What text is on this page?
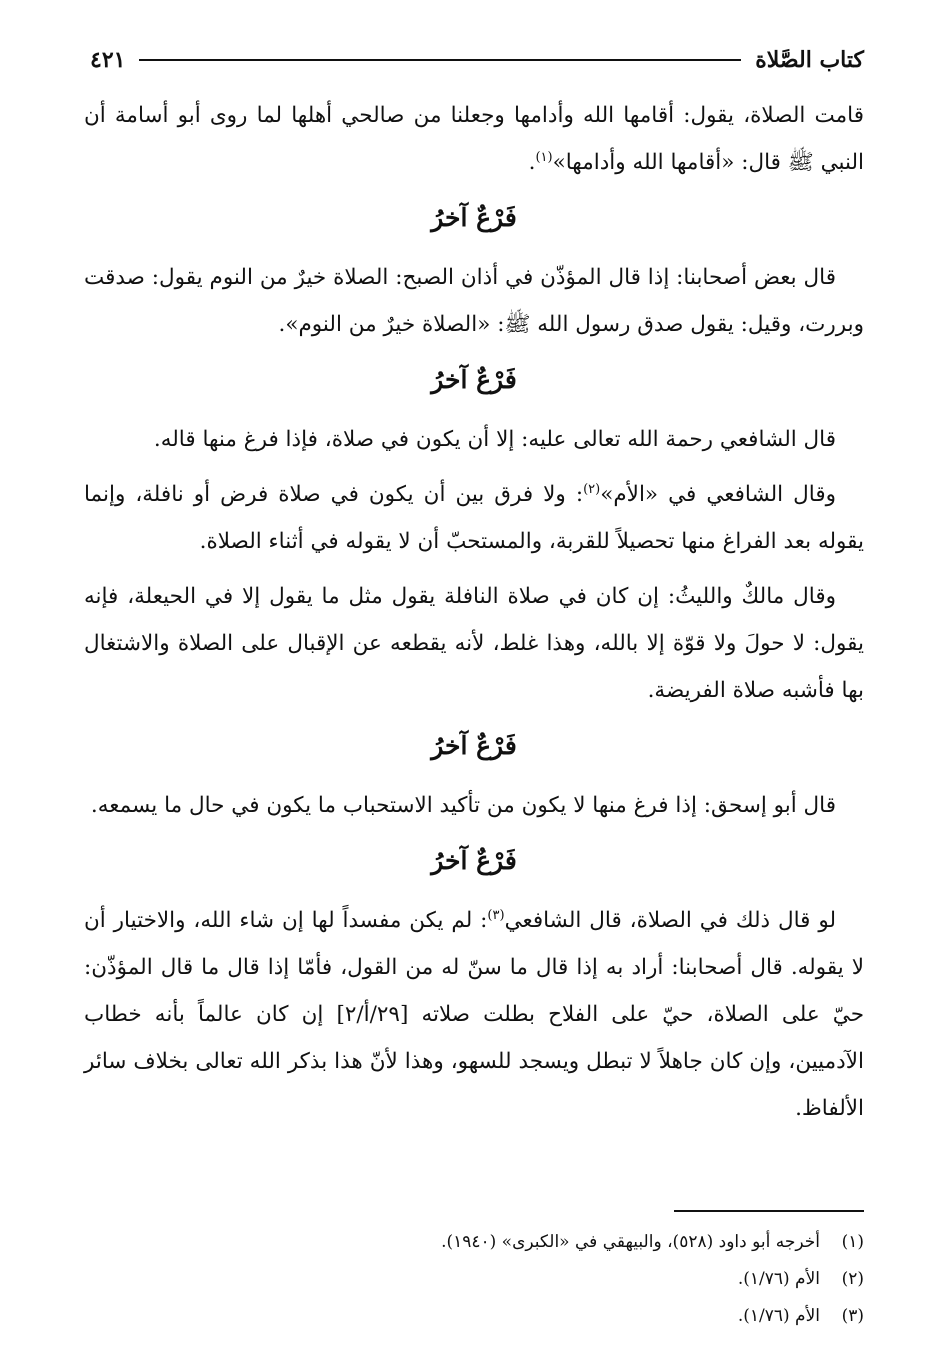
كتاب الصَّلاة
٤٢١

قامت الصلاة، يقول: أقامها الله وأدامها وجعلنا من صالحي أهلها لما روى أبو أسامة أن النبي ﷺ قال: «أقامها الله وأدامها»$^{(١)}$.

فَرْعٌ آخرُ

قال بعض أصحابنا: إذا قال المؤذّن في أذان الصبح: الصلاة خيرٌ من النوم يقول: صدقت وبررت، وقيل: يقول صدق رسول الله ﷺ: «الصلاة خيرٌ من النوم».

فَرْعٌ آخرُ

قال الشافعي رحمة الله تعالى عليه: إلا أن يكون في صلاة، فإذا فرغ منها قاله.

وقال الشافعي في «الأم»$^{(٢)}$: ولا فرق بين أن يكون في صلاة فرض أو نافلة، وإنما يقوله بعد الفراغ منها تحصيلاً للقربة، والمستحبّ أن لا يقوله في أثناء الصلاة.

وقال مالكٌ والليثُ: إن كان في صلاة النافلة يقول مثل ما يقول إلا في الحيعلة، فإنه يقول: لا حولَ ولا قوّة إلا بالله، وهذا غلط، لأنه يقطعه عن الإقبال على الصلاة والاشتغال بها فأشبه صلاة الفريضة.

فَرْعٌ آخرُ

قال أبو إسحق: إذا فرغ منها لا يكون من تأكيد الاستحباب ما يكون في حال ما يسمعه.

فَرْعٌ آخرُ

لو قال ذلك في الصلاة، قال الشافعي$^{(٣)}$: لم يكن مفسداً لها إن شاء الله، والاختيار أن لا يقوله. قال أصحابنا: أراد به إذا قال ما سنّ له من القول، فأمّا إذا قال ما قال المؤذّن: حيّ على الصلاة، حيّ على الفلاح بطلت صلاته [٢٩/أ/٢] إن كان عالماً بأنه خطاب الآدميين، وإن كان جاهلاً لا تبطل ويسجد للسهو، وهذا لأنّ هذا بذكر الله تعالى بخلاف سائر الألفاظ.

(١)
أخرجه أبو داود (٥٢٨)، والبيهقي في «الكبرى» (١٩٤٠).
(٢)
الأم (١/٧٦).
(٣)
الأم (١/٧٦).
